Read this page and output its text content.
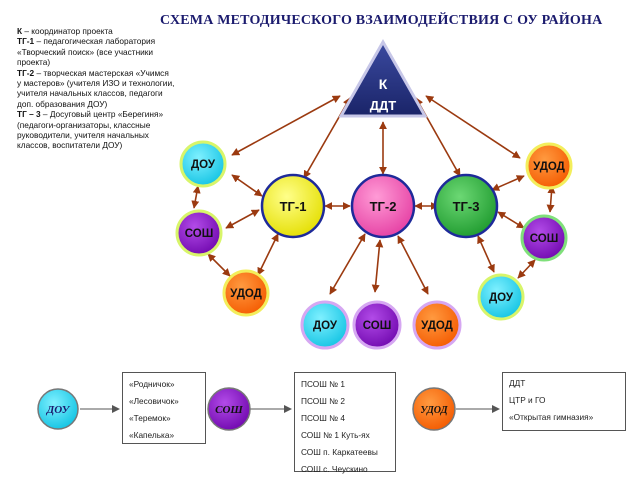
СХЕМА МЕТОДИЧЕСКОГО ВЗАИМОДЕЙСТВИЯ С ОУ РАЙОНА
К – координатор проекта
ТГ-1 – педагогическая лаборатория «Творческий поиск» (все участники проекта)
ТГ-2 – творческая мастерская «Учимся у мастеров» (учителя ИЗО и технологии, учителя начальных классов, педагоги доп. образования ДОУ)
ТГ – 3 – Досуговый центр «Берегиня» (педагоги-организаторы, классные руководители, учителя начальных классов, воспитатели ДОУ)
К
ДДТ
ТГ-1	ТГ-2	ТГ-3
ДОУ
СОШ
УДОД
ДОУ СОШ	УДОД
УДОД
СОШ
ДОУ
ДОУ	СОШ	УДОД
«Родничок»
«Лесовичок»
«Теремок»
«Капелька»
ПСОШ № 1
ПСОШ № 2
ПСОШ № 4
СОШ № 1 Куть-ях
СОШ п. Каркатеевы
СОШ с. Чеускино
ДДТ
ЦТР и ГО
«Открытая гимназия»
